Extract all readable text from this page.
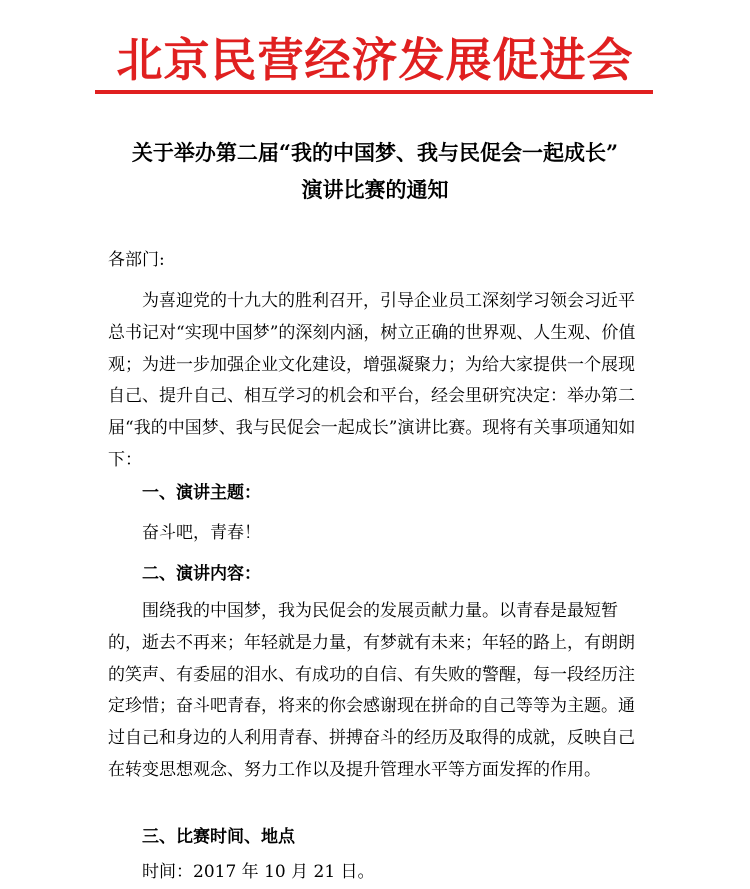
北京民营经济发展促进会
关于举办第二届“我的中国梦、我与民促会一起成长”
演讲比赛的通知

各部门:

为喜迎党的十九大的胜利召开，引导企业员工深刻学习领会习近平总书记对“实现中国梦”的深刻内涵，树立正确的世界观、人生观、价值观；为进一步加强企业文化建设，增强凝聚力；为给大家提供一个展现自己、提升自己、相互学习的机会和平台，经会里研究决定：举办第二届“我的中国梦、我与民促会一起成长”演讲比赛。现将有关事项通知如下：

一、演讲主题：

奋斗吧，青春！

二、演讲内容：

围绕我的中国梦，我为民促会的发展贡献力量。以青春是最短暂的，逝去不再来；年轻就是力量，有梦就有未来；年轻的路上，有朗朗的笑声、有委屈的泪水、有成功的自信、有失败的警醒，每一段经历注定珍惜；奋斗吧青春，将来的你会感谢现在拼命的自己等等为主题。通过自己和身边的人利用青春、拼搏奋斗的经历及取得的成就，反映自己在转变思想观念、努力工作以及提升管理水平等方面发挥的作用。

三、比赛时间、地点

时间：2017 年 10 月 21 日。
